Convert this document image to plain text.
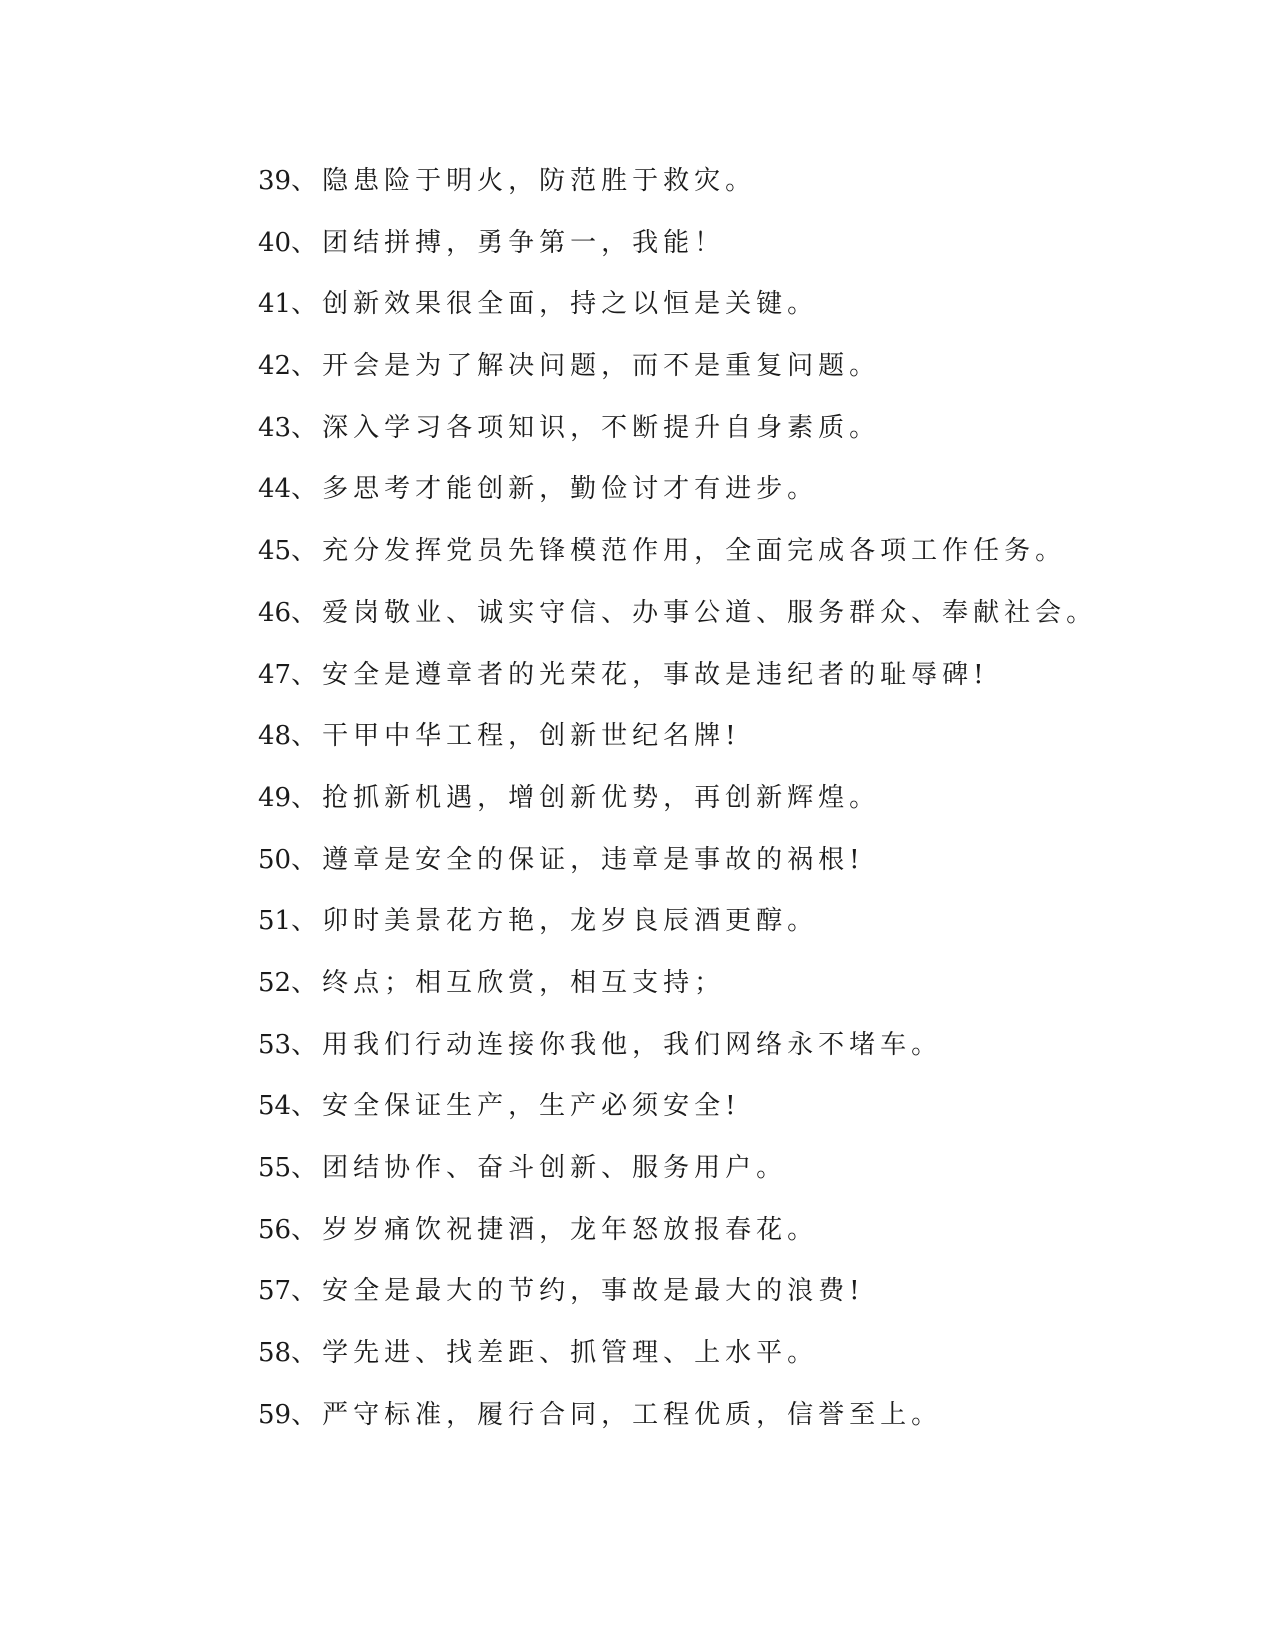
39、隐患险于明火，防范胜于救灾。
40、团结拼搏，勇争第一，我能！
41、创新效果很全面，持之以恒是关键。
42、开会是为了解决问题，而不是重复问题。
43、深入学习各项知识，不断提升自身素质。
44、多思考才能创新，勤俭讨才有进步。
45、充分发挥党员先锋模范作用，全面完成各项工作任务。
46、爱岗敬业、诚实守信、办事公道、服务群众、奉献社会。
47、安全是遵章者的光荣花，事故是违纪者的耻辱碑!
48、干甲中华工程，创新世纪名牌!
49、抢抓新机遇，增创新优势，再创新辉煌。
50、遵章是安全的保证，违章是事故的祸根!
51、卯时美景花方艳，龙岁良辰酒更醇。
52、终点；相互欣赏，相互支持；
53、用我们行动连接你我他，我们网络永不堵车。
54、安全保证生产，生产必须安全!
55、团结协作、奋斗创新、服务用户。
56、岁岁痛饮祝捷酒，龙年怒放报春花。
57、安全是最大的节约，事故是最大的浪费!
58、学先进、找差距、抓管理、上水平。
59、严守标准，履行合同，工程优质，信誉至上。
